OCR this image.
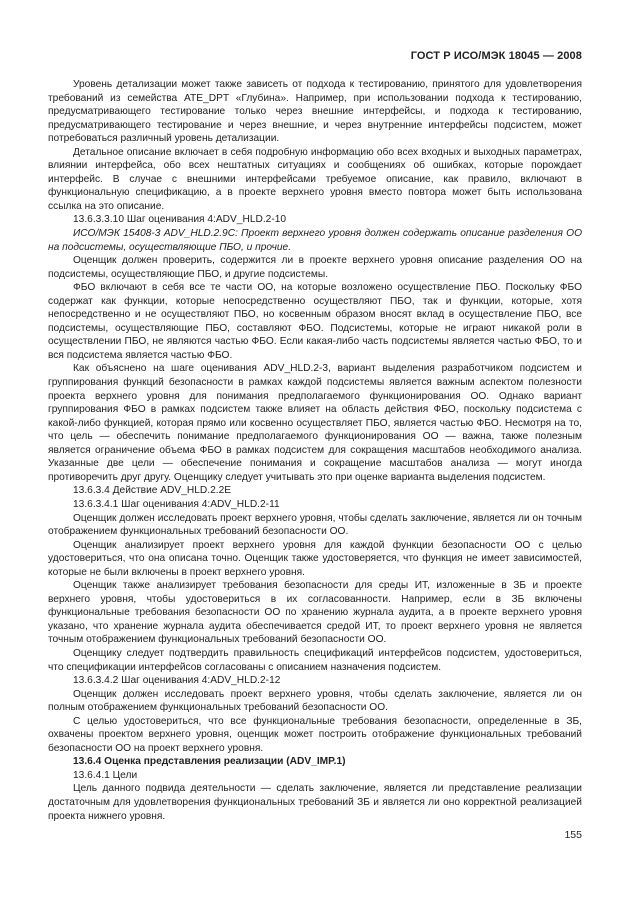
ГОСТ Р ИСО/МЭК 18045 — 2008

Уровень детализации может также зависеть от подхода к тестированию, принятого для удовлетворения требований из семейства ATE_DPT «Глубина». Например, при использовании подхода к тестированию, предусматривающего тестирование только через внешние интерфейсы, и подхода к тестированию, предусматривающего тестирование и через внешние, и через внутренние интерфейсы подсистем, может потребоваться различный уровень детализации.

Детальное описание включает в себя подробную информацию обо всех входных и выходных параметрах, влиянии интерфейса, обо всех нештатных ситуациях и сообщениях об ошибках, которые порождает интерфейс. В случае с внешними интерфейсами требуемое описание, как правило, включают в функциональную спецификацию, а в проекте верхнего уровня вместо повтора может быть использована ссылка на это описание.

13.6.3.3.10 Шаг оценивания 4:ADV_HLD.2-10

ИСО/МЭК 15408-3 ADV_HLD.2.9C: Проект верхнего уровня должен содержать описание разделения ОО на подсистемы, осуществляющие ПБО, и прочие.

Оценщик должен проверить, содержится ли в проекте верхнего уровня описание разделения ОО на подсистемы, осуществляющие ПБО, и другие подсистемы.

ФБО включают в себя все те части ОО, на которые возложено осуществление ПБО. Поскольку ФБО содержат как функции, которые непосредственно осуществляют ПБО, так и функции, которые, хотя непосредственно и не осуществляют ПБО, но косвенным образом вносят вклад в осуществление ПБО, все подсистемы, осуществляющие ПБО, составляют ФБО. Подсистемы, которые не играют никакой роли в осуществлении ПБО, не являются частью ФБО. Если какая-либо часть подсистемы является частью ФБО, то и вся подсистема является частью ФБО.

Как объяснено на шаге оценивания ADV_HLD.2-3, вариант выделения разработчиком подсистем и группирования функций безопасности в рамках каждой подсистемы является важным аспектом полезности проекта верхнего уровня для понимания предполагаемого функционирования ОО. Однако вариант группирования ФБО в рамках подсистем также влияет на область действия ФБО, поскольку подсистема с какой-либо функцией, которая прямо или косвенно осуществляет ПБО, является частью ФБО. Несмотря на то, что цель — обеспечить понимание предполагаемого функционирования ОО — важна, также полезным является ограничение объема ФБО в рамках подсистем для сокращения масштабов необходимого анализа. Указанные две цели — обеспечение понимания и сокращение масштабов анализа — могут иногда противоречить друг другу. Оценщику следует учитывать это при оценке варианта выделения подсистем.

13.6.3.4 Действие ADV_HLD.2.2E

13.6.3.4.1 Шаг оценивания 4:ADV_HLD.2-11

Оценщик должен исследовать проект верхнего уровня, чтобы сделать заключение, является ли он точным отображением функциональных требований безопасности ОО.

Оценщик анализирует проект верхнего уровня для каждой функции безопасности ОО с целью удостовериться, что она описана точно. Оценщик также удостоверяется, что функция не имеет зависимостей, которые не были включены в проект верхнего уровня.

Оценщик также анализирует требования безопасности для среды ИТ, изложенные в ЗБ и проекте верхнего уровня, чтобы удостовериться в их согласованности. Например, если в ЗБ включены функциональные требования безопасности ОО по хранению журнала аудита, а в проекте верхнего уровня указано, что хранение журнала аудита обеспечивается средой ИТ, то проект верхнего уровня не является точным отображением функциональных требований безопасности ОО.

Оценщику следует подтвердить правильность спецификаций интерфейсов подсистем, удостовериться, что спецификации интерфейсов согласованы с описанием назначения подсистем.

13.6.3.4.2 Шаг оценивания 4:ADV_HLD.2-12

Оценщик должен исследовать проект верхнего уровня, чтобы сделать заключение, является ли он полным отображением функциональных требований безопасности ОО.

С целью удостовериться, что все функциональные требования безопасности, определенные в ЗБ, охвачены проектом верхнего уровня, оценщик может построить отображение функциональных требований безопасности ОО на проект верхнего уровня.

13.6.4 Оценка представления реализации (ADV_IMP.1)

13.6.4.1 Цели

Цель данного подвида деятельности — сделать заключение, является ли представление реализации достаточным для удовлетворения функциональных требований ЗБ и является ли оно корректной реализацией проекта нижнего уровня.

155
